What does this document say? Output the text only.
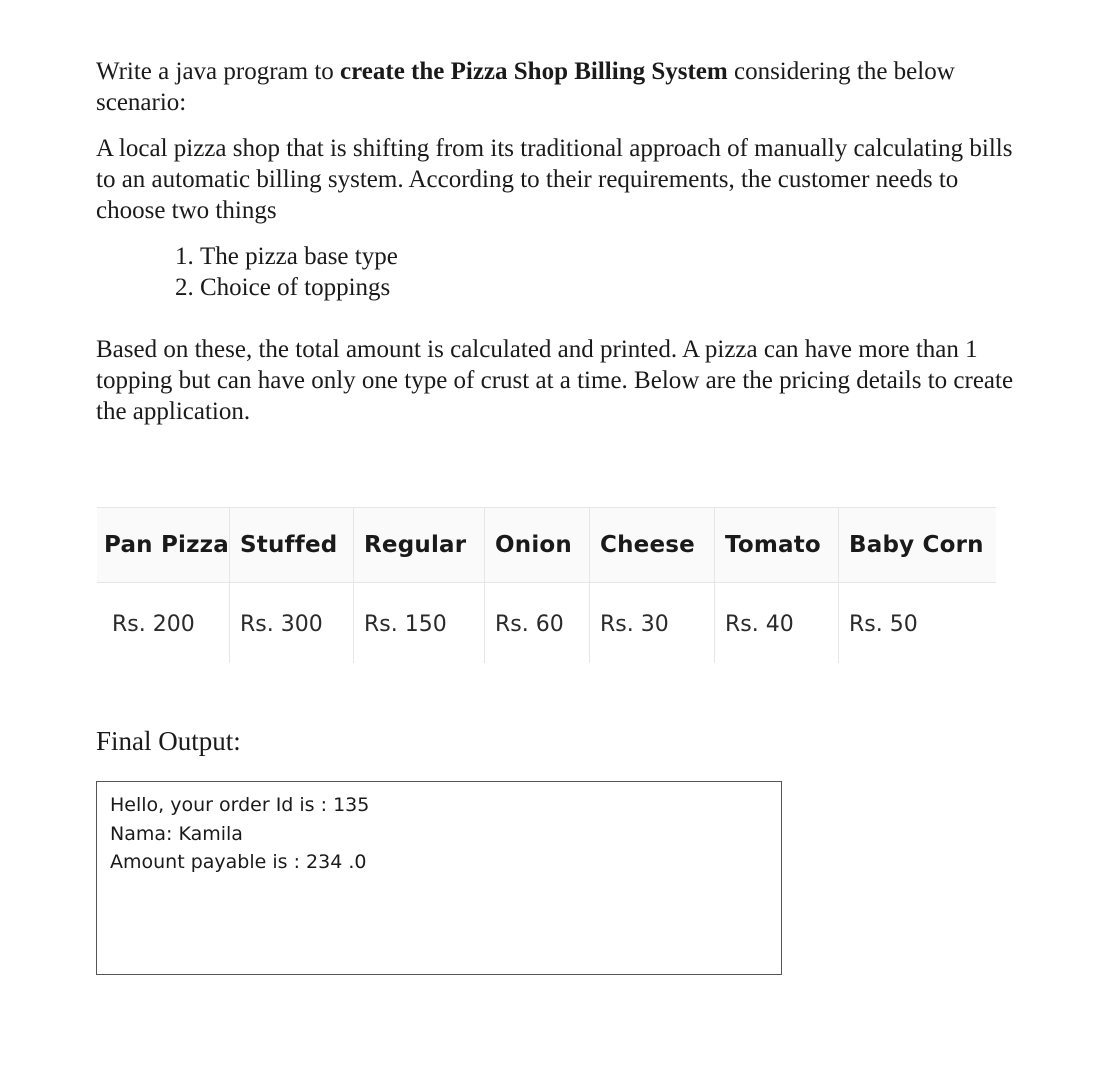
Write a java program to create the Pizza Shop Billing System considering the below scenario:

A local pizza shop that is shifting from its traditional approach of manually calculating bills to an automatic billing system. According to their requirements, the customer needs to choose two things

1. The pizza base type
2. Choice of toppings

Based on these, the total amount is calculated and printed. A pizza can have more than 1 topping but can have only one type of crust at a time. Below are the pricing details to create the application.

Pan Pizza	Stuffed	Regular	Onion	Cheese	Tomato	Baby Corn
Rs. 200	Rs. 300	Rs. 150	Rs. 60	Rs. 30	Rs. 40	Rs. 50
Final Output:
Hello, your order Id is : 135
Nama: Kamila
Amount payable is : 234 .0
